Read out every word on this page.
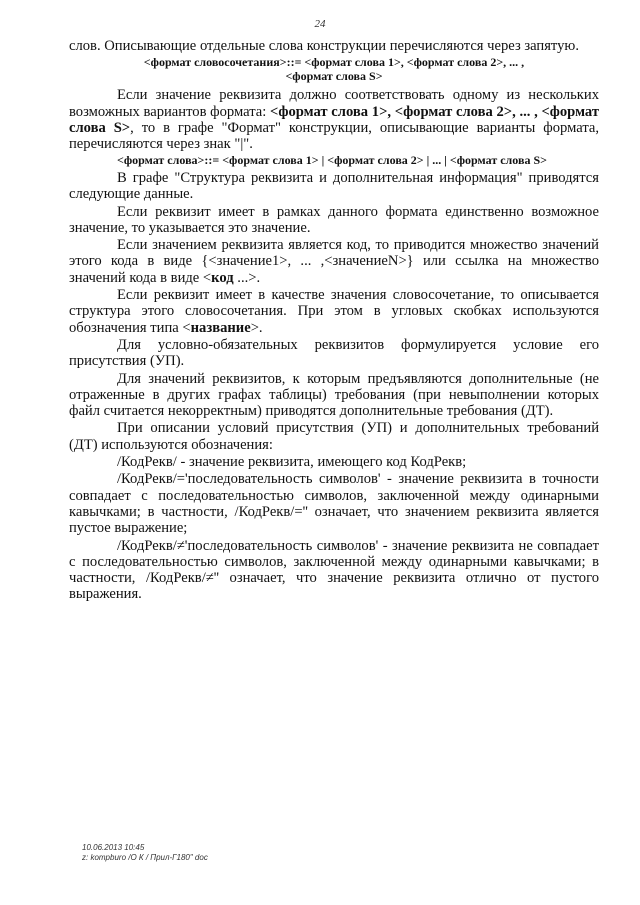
24

слов. Описывающие отдельные слова конструкции перечисляются через запятую.

<формат словосочетания>::= <формат слова 1>, <формат слова 2>, ... ,
<формат слова S>

Если значение реквизита должно соответствовать одному из нескольких возможных вариантов формата: <формат слова 1>, <формат слова 2>, ... , <формат слова S>, то в графе "Формат" конструкции, описывающие варианты формата, перечисляются через знак "|".

<формат слова>::= <формат слова 1> | <формат слова 2> | ... | <формат слова S>

В графе "Структура реквизита и дополнительная информация" приводятся следующие данные.

Если реквизит имеет в рамках данного формата единственно возможное значение, то указывается это значение.

Если значением реквизита является код, то приводится множество значений этого кода в виде {<значение1>, ... ,<значениеN>} или ссылка на множество значений кода в виде <код ...>.

Если реквизит имеет в качестве значения словосочетание, то описывается структура этого словосочетания. При этом в угловых скобках используются обозначения типа <название>.

Для условно-обязательных реквизитов формулируется условие его присутствия (УП).

Для значений реквизитов, к которым предъявляются дополнительные (не отраженные в других графах таблицы) требования (при невыполнении которых файл считается некорректным) приводятся дополнительные требования (ДТ).

При описании условий присутствия (УП) и дополнительных требований (ДТ) используются обозначения:

/КодРекв/ - значение реквизита, имеющего код КодРекв;

/КодРекв/='последовательность символов' - значение реквизита в точности совпадает с последовательностью символов, заключенной между одинарными кавычками; в частности, /КодРекв/='' означает, что значением реквизита является пустое выражение;

/КодРекв/≠'последовательность символов' - значение реквизита не совпадает с последовательностью символов, заключенной между одинарными кавычками; в частности, /КодРекв/≠'' означает, что значение реквизита отлично от пустого выражения.

10.06.2013 10:45
z: kompburo /О К / Прил-Г180" doc
